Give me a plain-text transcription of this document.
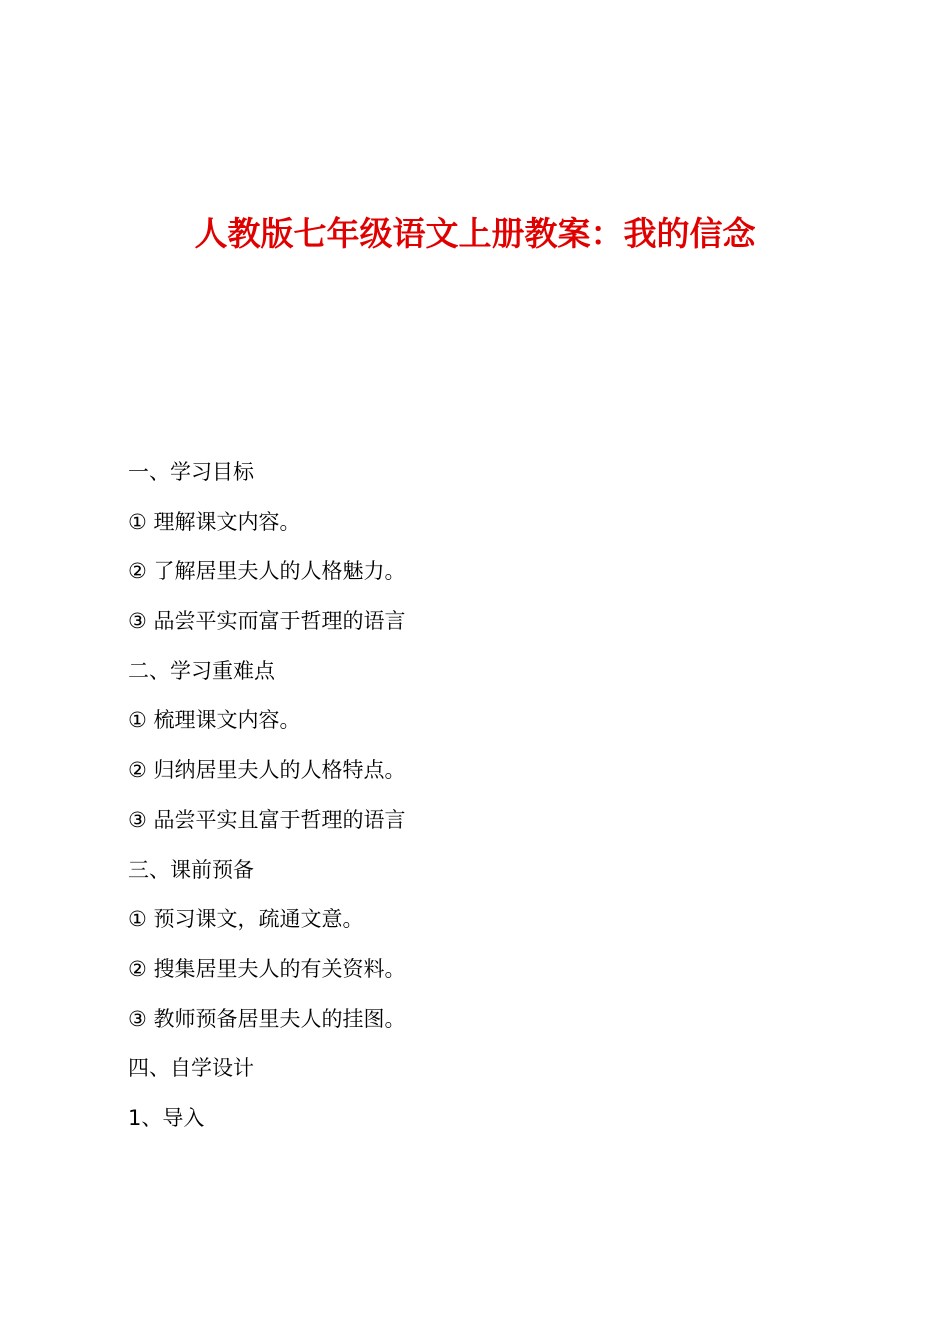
人教版七年级语文上册教案：我的信念
一、学习目标
① 理解课文内容。
② 了解居里夫人的人格魅力。
③ 品尝平实而富于哲理的语言
二、学习重难点
① 梳理课文内容。
② 归纳居里夫人的人格特点。
③ 品尝平实且富于哲理的语言
三、课前预备
① 预习课文，疏通文意。
② 搜集居里夫人的有关资料。
③ 教师预备居里夫人的挂图。
四、自学设计
1、导入
